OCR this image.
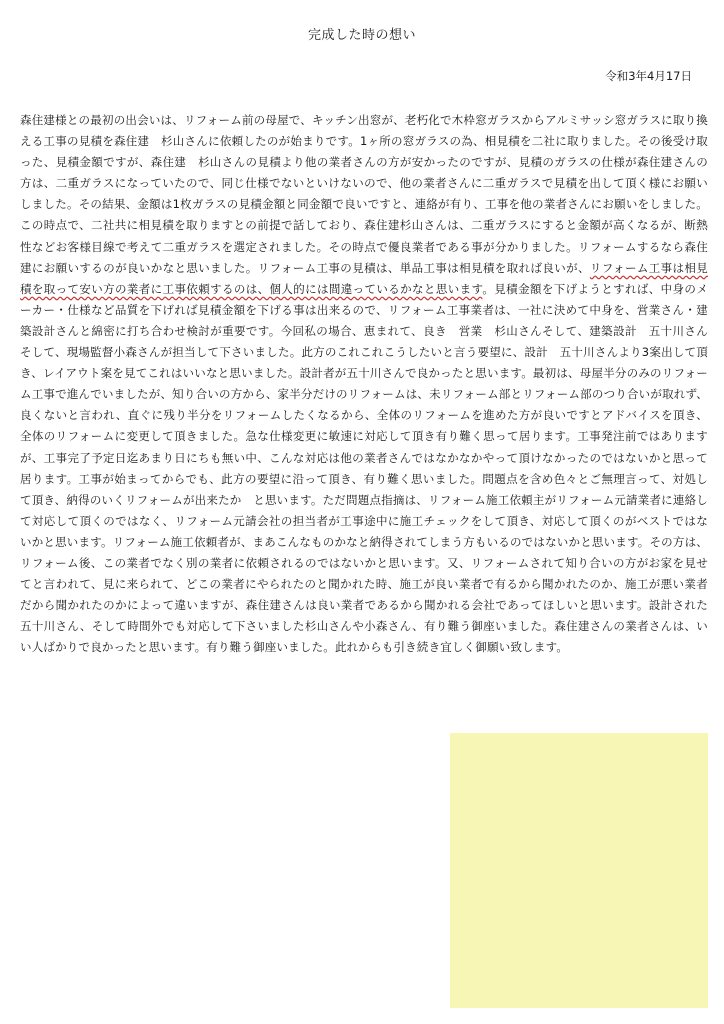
完成した時の想い
令和3年4月17日

森住建様との最初の出会いは、リフォーム前の母屋で、キッチン出窓が、老朽化で木枠窓ガラスからアルミサッシ窓ガラスに取り換える工事の見積を森住建　杉山さんに依頼したのが始まりです。1ヶ所の窓ガラスの為、相見積を二社に取りました。その後受け取った、見積金額ですが、森住建　杉山さんの見積より他の業者さんの方が安かったのですが、見積のガラスの仕様が森住建さんの方は、二重ガラスになっていたので、同じ仕様でないといけないので、他の業者さんに二重ガラスで見積を出して頂く様にお願いしました。その結果、金額は1枚ガラスの見積金額と同金額で良いですと、連絡が有り、工事を他の業者さんにお願いをしました。この時点で、二社共に相見積を取りますとの前提で話しており、森住建杉山さんは、二重ガラスにすると金額が高くなるが、断熱性などお客様目線で考えて二重ガラスを選定されました。その時点で優良業者である事が分かりました。リフォームするなら森住建にお願いするのが良いかなと思いました。リフォーム工事の見積は、単品工事は相見積を取れば良いが、リフォーム工事は相見積を取って安い方の業者に工事依頼するのは、個人的には間違っているかなと思います。見積金額を下げようとすれば、中身のメーカー・仕様など品質を下げれば見積金額を下げる事は出来るので、リフォーム工事業者は、一社に決めて中身を、営業さん・建築設計さんと綿密に打ち合わせ検討が重要です。今回私の場合、恵まれて、良き　営業　杉山さんそして、建築設計　五十川さん　そして、現場監督小森さんが担当して下さいました。此方のこれこれこうしたいと言う要望に、設計　五十川さんより3案出して頂き、レイアウト案を見てこれはいいなと思いました。設計者が五十川さんで良かったと思います。最初は、母屋半分のみのリフォーム工事で進んでいましたが、知り合いの方から、家半分だけのリフォームは、未リフォーム部とリフォーム部のつり合いが取れず、良くないと言われ、直ぐに残り半分をリフォームしたくなるから、全体のリフォームを進めた方が良いですとアドバイスを頂き、全体のリフォームに変更して頂きました。急な仕様変更に敏速に対応して頂き有り難く思って居ります。工事発注前ではありますが、工事完了予定日迄あまり日にちも無い中、こんな対応は他の業者さんではなかなかやって頂けなかったのではないかと思って居ります。工事が始まってからでも、此方の要望に沿って頂き、有り難く思いました。問題点を含め色々とご無理言って、対処して頂き、納得のいくリフォームが出来たか　と思います。ただ問題点指摘は、リフォーム施工依頼主がリフォーム元請業者に連絡して対応して頂くのではなく、リフォーム元請会社の担当者が工事途中に施工チェックをして頂き、対応して頂くのがベストではないかと思います。リフォーム施工依頼者が、まあこんなものかなと納得されてしまう方もいるのではないかと思います。その方は、リフォーム後、この業者でなく別の業者に依頼されるのではないかと思います。又、リフォームされて知り合いの方がお家を見せてと言われて、見に来られて、どこの業者にやられたのと聞かれた時、施工が良い業者で有るから聞かれたのか、施工が悪い業者だから聞かれたのかによって違いますが、森住建さんは良い業者であるから聞かれる会社であってほしいと思います。設計された五十川さん、そして時間外でも対応して下さいました杉山さんや小森さん、有り難う御座いました。森住建さんの業者さんは、いい人ばかりで良かったと思います。有り難う御座いました。此れからも引き続き宜しく御願い致します。
